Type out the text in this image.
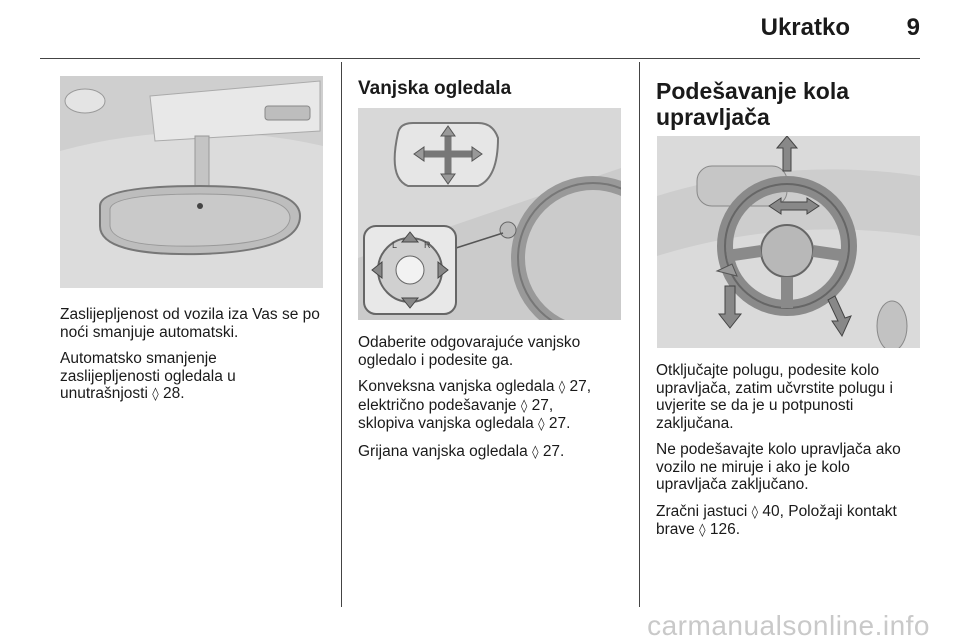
Ukratko	9

Zaslijepljenost od vozila iza Vas se po noći smanjuje automatski.

Automatsko smanjenje
zaslijepljenosti ogledala u
unutrašnjosti ◊ 28.

Vanjska ogledala
L	R

Odaberite odgovarajuće vanjsko
ogledalo i podesite ga.

Konveksna vanjska ogledala ◊ 27,
električno podešavanje ◊ 27,
sklopiva vanjska ogledala ◊ 27.

Grijana vanjska ogledala ◊ 27.

Podešavanje kola
upravljača

Otključajte polugu, podesite kolo
upravljača, zatim učvrstite polugu i
uvjerite se da je u potpunosti
zaključana.

Ne podešavajte kolo upravljača ako
vozilo ne miruje i ako je kolo
upravljača zaključano.

Zračni jastuci ◊ 40, Položaji kontakt
brave ◊ 126.

carmanualsonline.info
